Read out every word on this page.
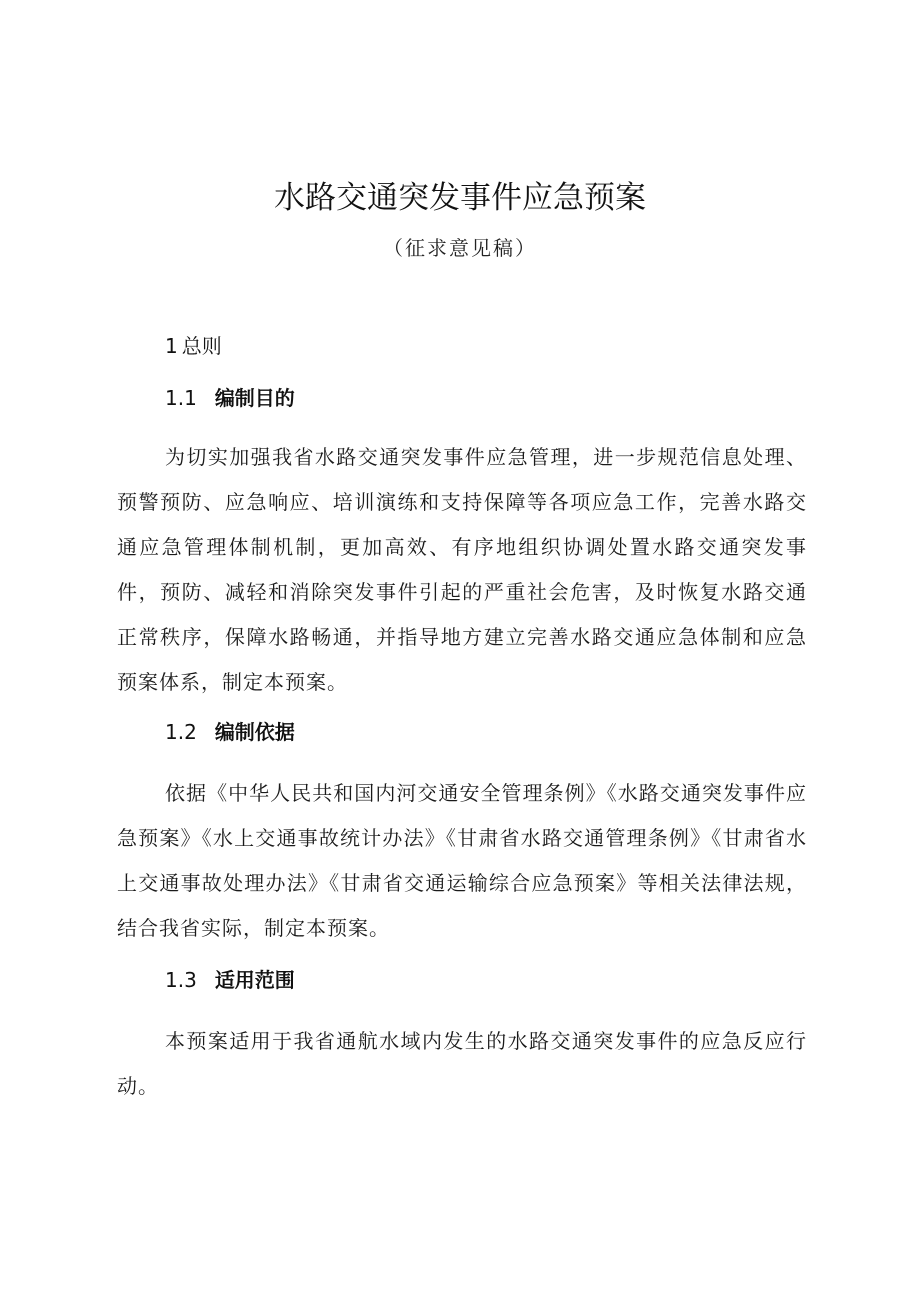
水路交通突发事件应急预案
（征求意见稿）
1 总则
1.1 编制目的
为切实加强我省水路交通突发事件应急管理，进一步规范信息处理、预警预防、应急响应、培训演练和支持保障等各项应急工作，完善水路交通应急管理体制机制，更加高效、有序地组织协调处置水路交通突发事件，预防、减轻和消除突发事件引起的严重社会危害，及时恢复水路交通正常秩序，保障水路畅通，并指导地方建立完善水路交通应急体制和应急预案体系，制定本预案。
1.2 编制依据
依据《中华人民共和国内河交通安全管理条例》《水路交通突发事件应急预案》《水上交通事故统计办法》《甘肃省水路交通管理条例》《甘肃省水上交通事故处理办法》《甘肃省交通运输综合应急预案》等相关法律法规，结合我省实际，制定本预案。
1.3 适用范围
本预案适用于我省通航水域内发生的水路交通突发事件的应急反应行动。
